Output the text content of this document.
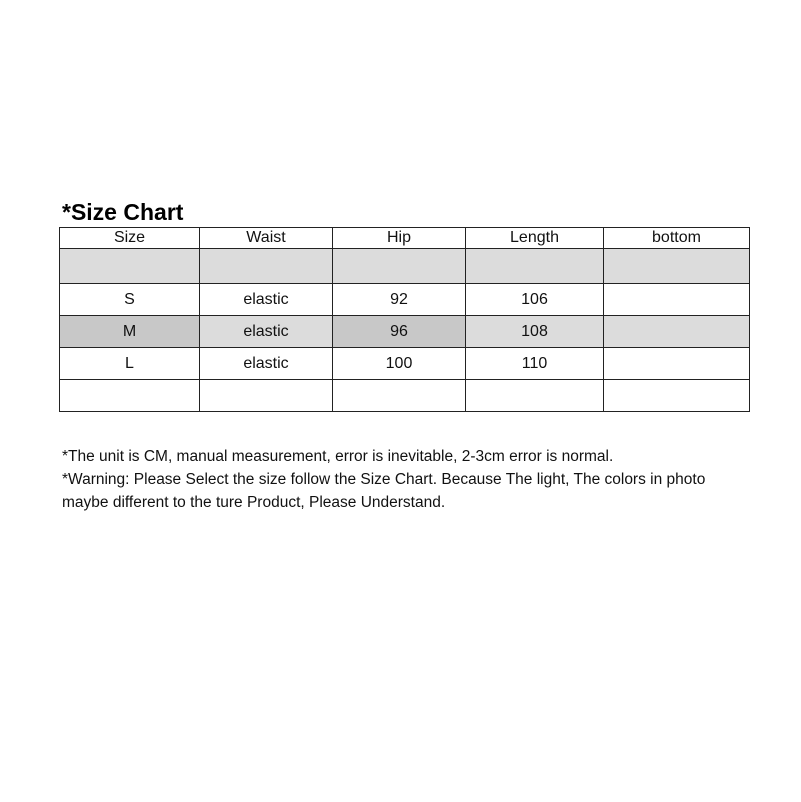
*Size Chart
Size	Waist	Hip	Length	bottom

S	elastic	92	106	
M	elastic	96	108	
L	elastic	100	110	

*The unit is CM, manual measurement, error is inevitable, 2-3cm error is normal.

*Warning: Please Select the size follow the Size Chart. Because The light, The colors in photo maybe different to the ture Product, Please Understand.
